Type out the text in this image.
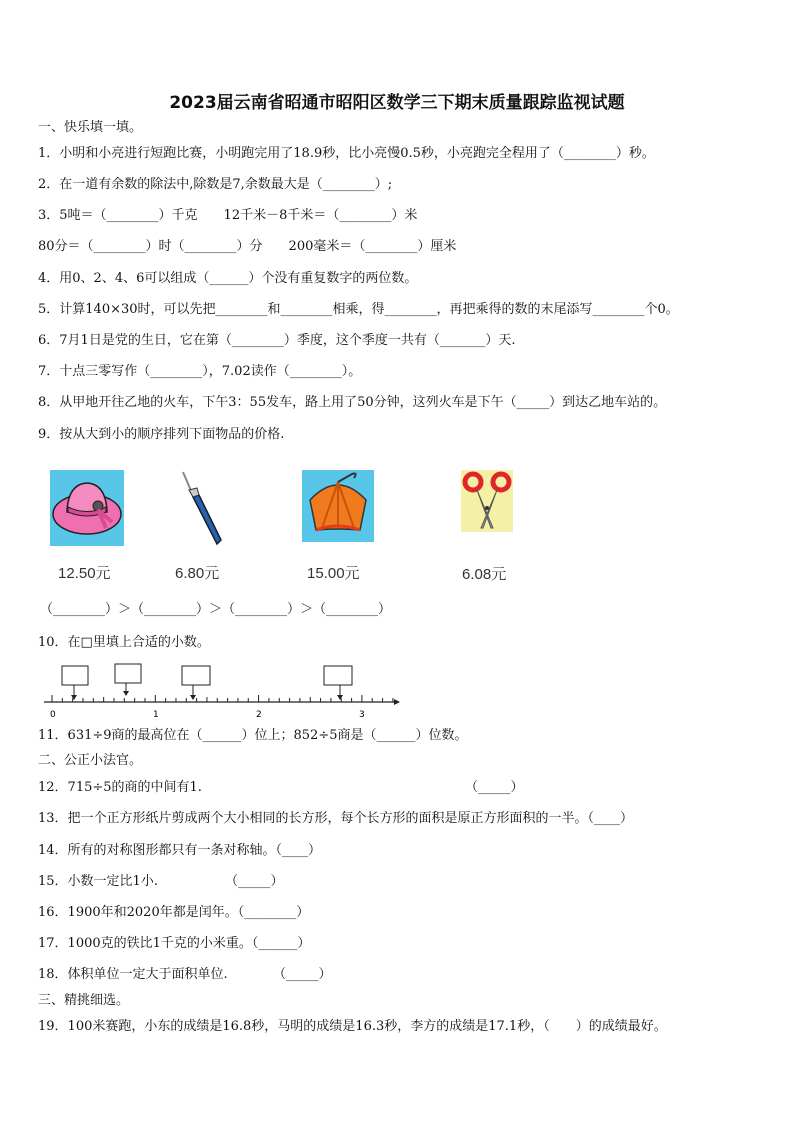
2023届云南省昭通市昭阳区数学三下期末质量跟踪监视试题
一、快乐填一填。
1．小明和小亮进行短跑比赛，小明跑完用了18.9秒，比小亮慢0.5秒，小亮跑完全程用了（________）秒。
2．在一道有余数的除法中,除数是7,余数最大是（________）;
3．5吨＝（________）千克　　12千米－8千米＝（________）米
80分＝（________）时（________）分　　200毫米＝（________）厘米
4．用0、2、4、6可以组成（______）个没有重复数字的两位数。
5．计算140×30时，可以先把________和________相乘，得________，再把乘得的数的末尾添写________个0。
6．7月1日是党的生日，它在第（________）季度，这个季度一共有（_______）天.
7．十点三零写作（________），7.02读作（________）。
8．从甲地开往乙地的火车，下午3：55发车，路上用了50分钟，这列火车是下午（_____）到达乙地车站的。
9．按从大到小的顺序排列下面物品的价格.
12.50元	6.80元	15.00元	6.08元
（________）＞（________）＞（________）＞（________）
10．在□里填上合适的小数。
0	1	2	3
11．631÷9商的最高位在（______）位上；852÷5商是（______）位数。
二、公正小法官。
12．715÷5的商的中间有1.	（_____）
13．把一个正方形纸片剪成两个大小相同的长方形，每个长方形的面积是原正方形面积的一半。（____）
14．所有的对称图形都只有一条对称轴。（____）
15．小数一定比1小.	（_____）
16．1900年和2020年都是闰年。（________）
17．1000克的铁比1千克的小米重。（______）
18．体积单位一定大于面积单位.	（_____）
三、精挑细选。
19．100米赛跑，小东的成绩是16.8秒，马明的成绩是16.3秒，李方的成绩是17.1秒，（　　）的成绩最好。
